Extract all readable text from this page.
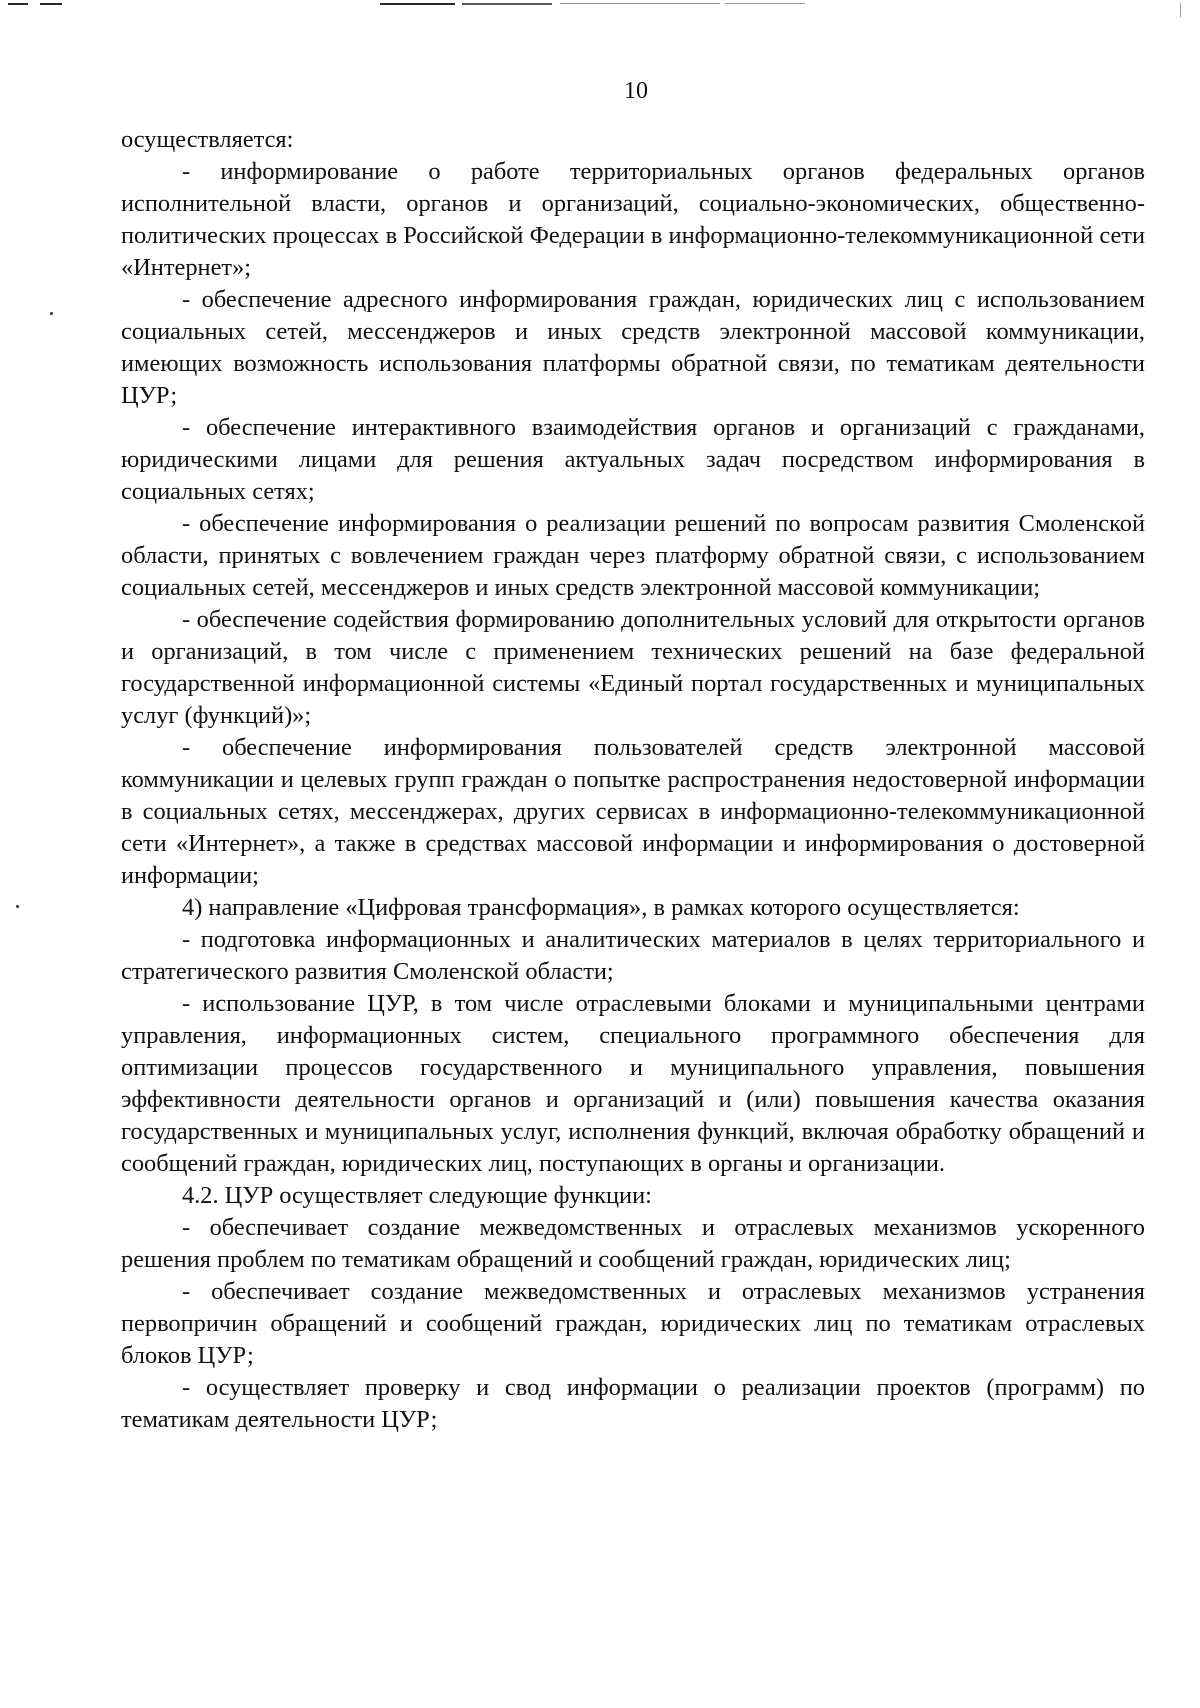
10

осуществляется:

- информирование о работе территориальных органов федеральных органов исполнительной власти, органов и организаций, социально-экономических, общественно-политических процессах в Российской Федерации в информационно-телекоммуникационной сети «Интернет»;

- обеспечение адресного информирования граждан, юридических лиц с использованием социальных сетей, мессенджеров и иных средств электронной массовой коммуникации, имеющих возможность использования платформы обратной связи, по тематикам деятельности ЦУР;

- обеспечение интерактивного взаимодействия органов и организаций с гражданами, юридическими лицами для решения актуальных задач посредством информирования в социальных сетях;

- обеспечение информирования о реализации решений по вопросам развития Смоленской области, принятых с вовлечением граждан через платформу обратной связи, с использованием социальных сетей, мессенджеров и иных средств электронной массовой коммуникации;

- обеспечение содействия формированию дополнительных условий для открытости органов и организаций, в том числе с применением технических решений на базе федеральной государственной информационной системы «Единый портал государственных и муниципальных услуг (функций)»;

- обеспечение информирования пользователей средств электронной массовой коммуникации и целевых групп граждан о попытке распространения недостоверной информации в социальных сетях, мессенджерах, других сервисах в информационно-телекоммуникационной сети «Интернет», а также в средствах массовой информации и информирования о достоверной информации;

4) направление «Цифровая трансформация», в рамках которого осуществляется:

- подготовка информационных и аналитических материалов в целях территориального и стратегического развития Смоленской области;

- использование ЦУР, в том числе отраслевыми блоками и муниципальными центрами управления, информационных систем, специального программного обеспечения для оптимизации процессов государственного и муниципального управления, повышения эффективности деятельности органов и организаций и (или) повышения качества оказания государственных и муниципальных услуг, исполнения функций, включая обработку обращений и сообщений граждан, юридических лиц, поступающих в органы и организации.

4.2. ЦУР осуществляет следующие функции:

- обеспечивает создание межведомственных и отраслевых механизмов ускоренного решения проблем по тематикам обращений и сообщений граждан, юридических лиц;

- обеспечивает создание межведомственных и отраслевых механизмов устранения первопричин обращений и сообщений граждан, юридических лиц по тематикам отраслевых блоков ЦУР;

- осуществляет проверку и свод информации о реализации проектов (программ) по тематикам деятельности ЦУР;
